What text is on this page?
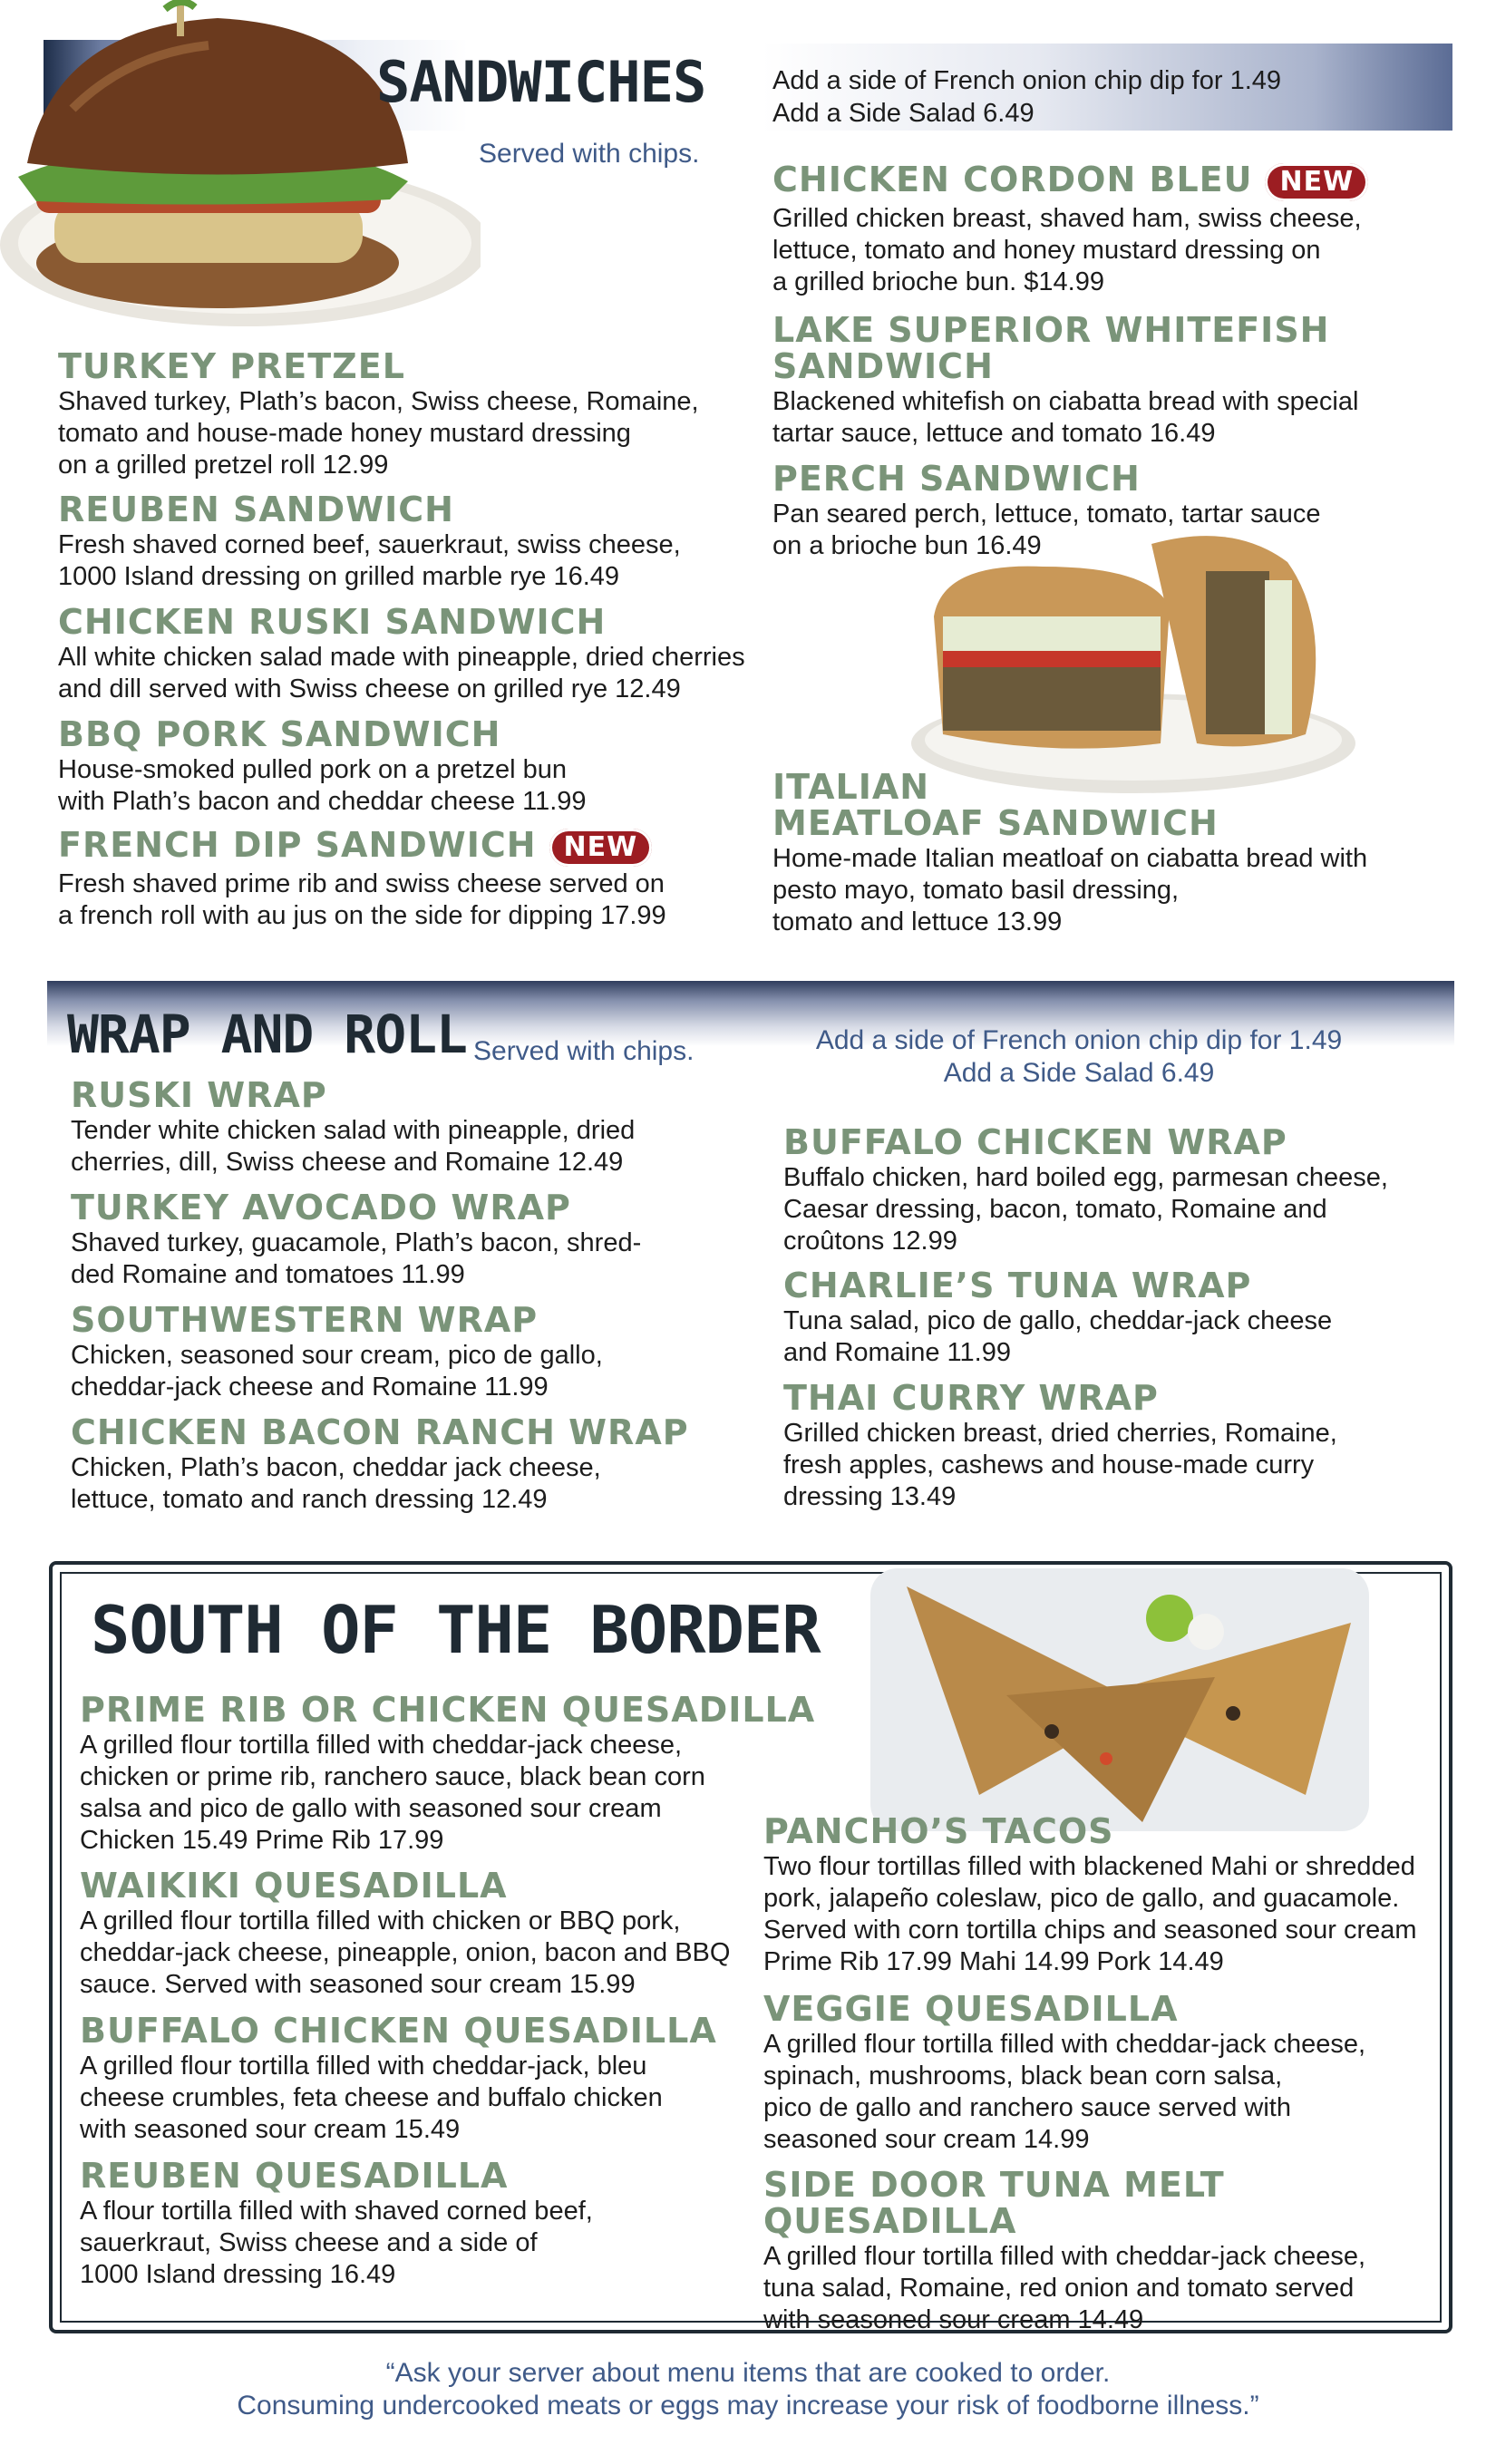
SANDWICHES
Served with chips.
Add a side of French onion chip dip for 1.49
Add a Side Salad 6.49
TURKEY PRETZEL
Shaved turkey, Plath’s bacon, Swiss cheese, Romaine,
tomato and house-made honey mustard dressing
on a grilled pretzel roll 12.99
REUBEN SANDWICH
Fresh shaved corned beef, sauerkraut, swiss cheese,
1000 Island dressing on grilled marble rye 16.49
CHICKEN RUSKI SANDWICH
All white chicken salad made with pineapple, dried cherries
and dill served with Swiss cheese on grilled rye 12.49
BBQ PORK SANDWICH
House-smoked pulled pork on a pretzel bun
with Plath’s bacon and cheddar cheese 11.99
FRENCH DIP SANDWICH NEW
Fresh shaved prime rib and swiss cheese served on
a french roll with au jus on the side for dipping 17.99
CHICKEN CORDON BLEU NEW
Grilled chicken breast, shaved ham, swiss cheese,
lettuce, tomato and honey mustard dressing on
a grilled brioche bun. $14.99
LAKE SUPERIOR WHITEFISH
SANDWICH
Blackened whitefish on ciabatta bread with special
tartar sauce, lettuce and tomato 16.49
PERCH SANDWICH
Pan seared perch, lettuce, tomato, tartar sauce
on a brioche bun 16.49
ITALIAN
MEATLOAF SANDWICH
Home-made Italian meatloaf on ciabatta bread with
pesto mayo, tomato basil dressing,
tomato and lettuce 13.99
WRAP AND ROLL Served with chips.	Add a side of French onion chip dip for 1.49
Add a Side Salad 6.49
RUSKI WRAP
Tender white chicken salad with pineapple, dried
cherries, dill, Swiss cheese and Romaine 12.49
TURKEY AVOCADO WRAP
Shaved turkey, guacamole, Plath’s bacon, shred-
ded Romaine and tomatoes 11.99
SOUTHWESTERN WRAP
Chicken, seasoned sour cream, pico de gallo,
cheddar-jack cheese and Romaine 11.99
CHICKEN BACON RANCH WRAP
Chicken, Plath’s bacon, cheddar jack cheese,
lettuce, tomato and ranch dressing 12.49
BUFFALO CHICKEN WRAP
Buffalo chicken, hard boiled egg, parmesan cheese,
Caesar dressing, bacon, tomato, Romaine and
croûtons 12.99
CHARLIE’S TUNA WRAP
Tuna salad, pico de gallo, cheddar-jack cheese
and Romaine 11.99
THAI CURRY WRAP
Grilled chicken breast, dried cherries, Romaine,
fresh apples, cashews and house-made curry
dressing 13.49
SOUTH OF THE BORDER
PRIME RIB OR CHICKEN QUESADILLA
A grilled flour tortilla filled with cheddar-jack cheese,
chicken or prime rib, ranchero sauce, black bean corn
salsa and pico de gallo with seasoned sour cream
Chicken 15.49 Prime Rib 17.99
WAIKIKI QUESADILLA
A grilled flour tortilla filled with chicken or BBQ pork,
cheddar-jack cheese, pineapple, onion, bacon and BBQ
sauce. Served with seasoned sour cream 15.99
BUFFALO CHICKEN QUESADILLA
A grilled flour tortilla filled with cheddar-jack, bleu
cheese crumbles, feta cheese and buffalo chicken
with seasoned sour cream 15.49
REUBEN QUESADILLA
A flour tortilla filled with shaved corned beef,
sauerkraut, Swiss cheese and a side of
1000 Island dressing 16.49
PANCHO’S TACOS
Two flour tortillas filled with blackened Mahi or shredded
pork, jalapeño coleslaw, pico de gallo, and guacamole.
Served with corn tortilla chips and seasoned sour cream
Prime Rib 17.99 Mahi 14.99 Pork 14.49
VEGGIE QUESADILLA
A grilled flour tortilla filled with cheddar-jack cheese,
spinach, mushrooms, black bean corn salsa,
pico de gallo and ranchero sauce served with
seasoned sour cream 14.99
SIDE DOOR TUNA MELT QUESADILLA
A grilled flour tortilla filled with cheddar-jack cheese,
tuna salad, Romaine, red onion and tomato served
with seasoned sour cream 14.49
“Ask your server about menu items that are cooked to order.
Consuming undercooked meats or eggs may increase your risk of foodborne illness.”
